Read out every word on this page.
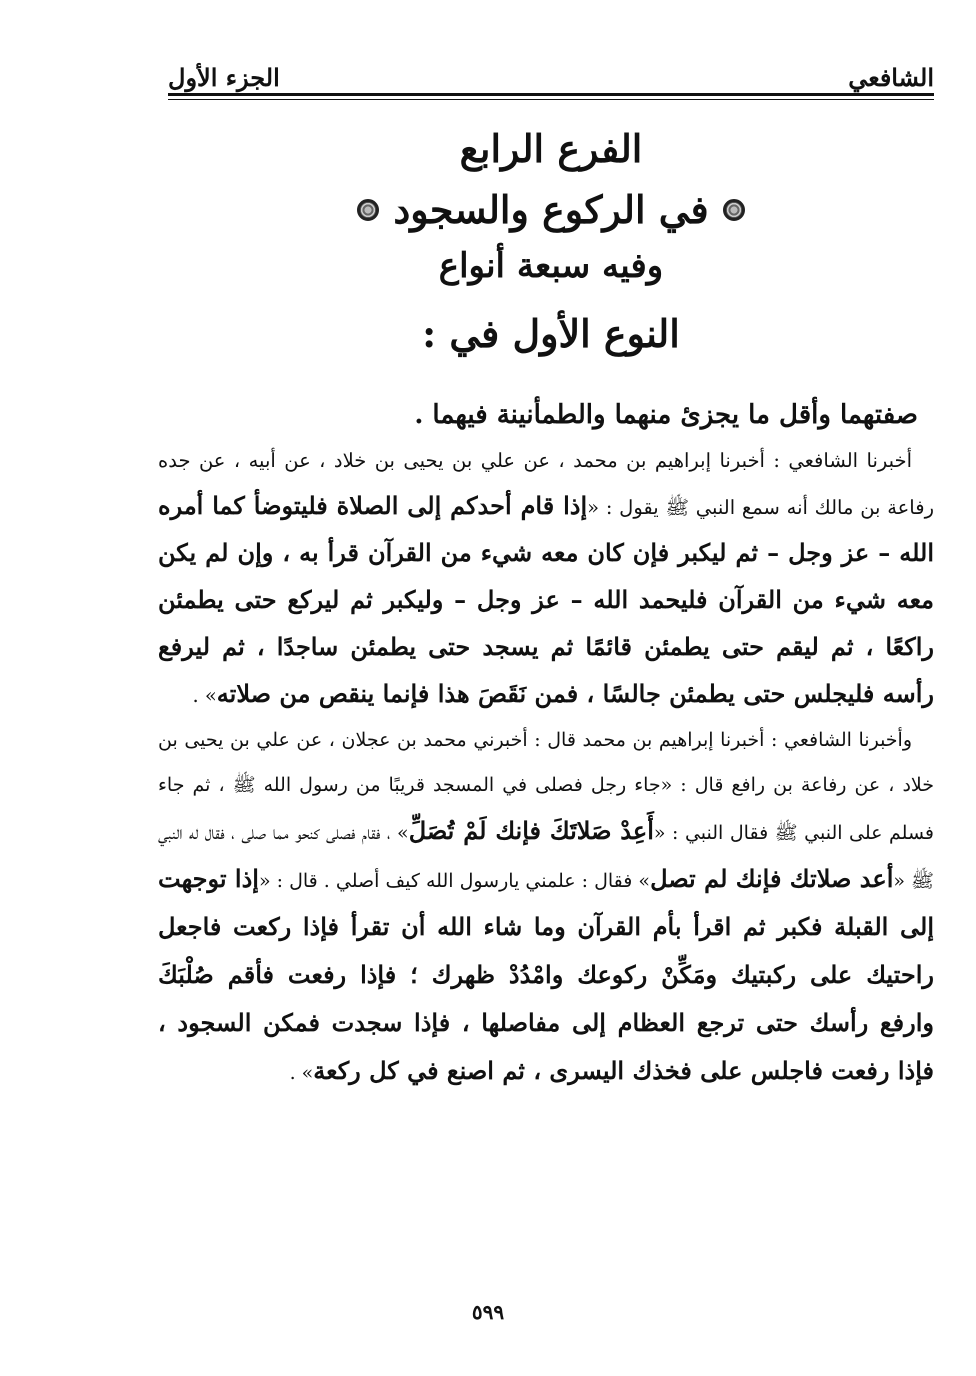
الشافعي
الجزء الأول
الفرع الرابع
في الركوع والسجود
وفيه سبعة أنواع
النوع الأول في :

صفتهما وأقل ما يجزئ منهما والطمأنينة فيهما .

أخبرنا الشافعي : أخبرنا إبراهيم بن محمد ، عن علي بن يحيى بن خلاد ، عن أبيه ، عن جده رفاعة بن مالك أنه سمع النبي ﷺ يقول : «إذا قام أحدكم إلى الصلاة فليتوضأ كما أمره الله – عز وجل – ثم ليكبر فإن كان معه شيء من القرآن قرأ به ، وإن لم يكن معه شيء من القرآن فليحمد الله – عز وجل – وليكبر ثم ليركع حتى يطمئن راكعًا ، ثم ليقم حتى يطمئن قائمًا ثم يسجد حتى يطمئن ساجدًا ، ثم ليرفع رأسه فليجلس حتى يطمئن جالسًا ، فمن نَقَصَ هذا فإنما ينقص من صلاته» .

وأخبرنا الشافعي : أخبرنا إبراهيم بن محمد قال : أخبرني محمد بن عجلان ، عن علي بن يحيى بن خلاد ، عن رفاعة بن رافع قال : «جاء رجل فصلى في المسجد قريبًا من رسول الله ﷺ ، ثم جاء فسلم على النبي ﷺ فقال النبي : «أَعِدْ صَلاتَكَ فإنك لَمْ تُصَلِّ» ، فقام فصلى كنحو مما صلى ، فقال له النبي ﷺ «أعد صلاتك فإنك لم تصل» فقال : علمني يارسول الله كيف أصلي . قال : «إذا توجهت إلى القبلة فكبر ثم اقرأ بأم القرآن وما شاء الله أن تقرأ فإذا ركعت فاجعل راحتيك على ركبتيك ومَكِّنْ ركوعك وامْدُدْ ظهرك ؛ فإذا رفعت فأقم صُلْبَكَ وارفع رأسك حتى ترجع العظام إلى مفاصلها ، فإذا سجدت فمكن السجود ، فإذا رفعت فاجلس على فخذك اليسرى ، ثم اصنع في كل ركعة» .

٥٩٩
